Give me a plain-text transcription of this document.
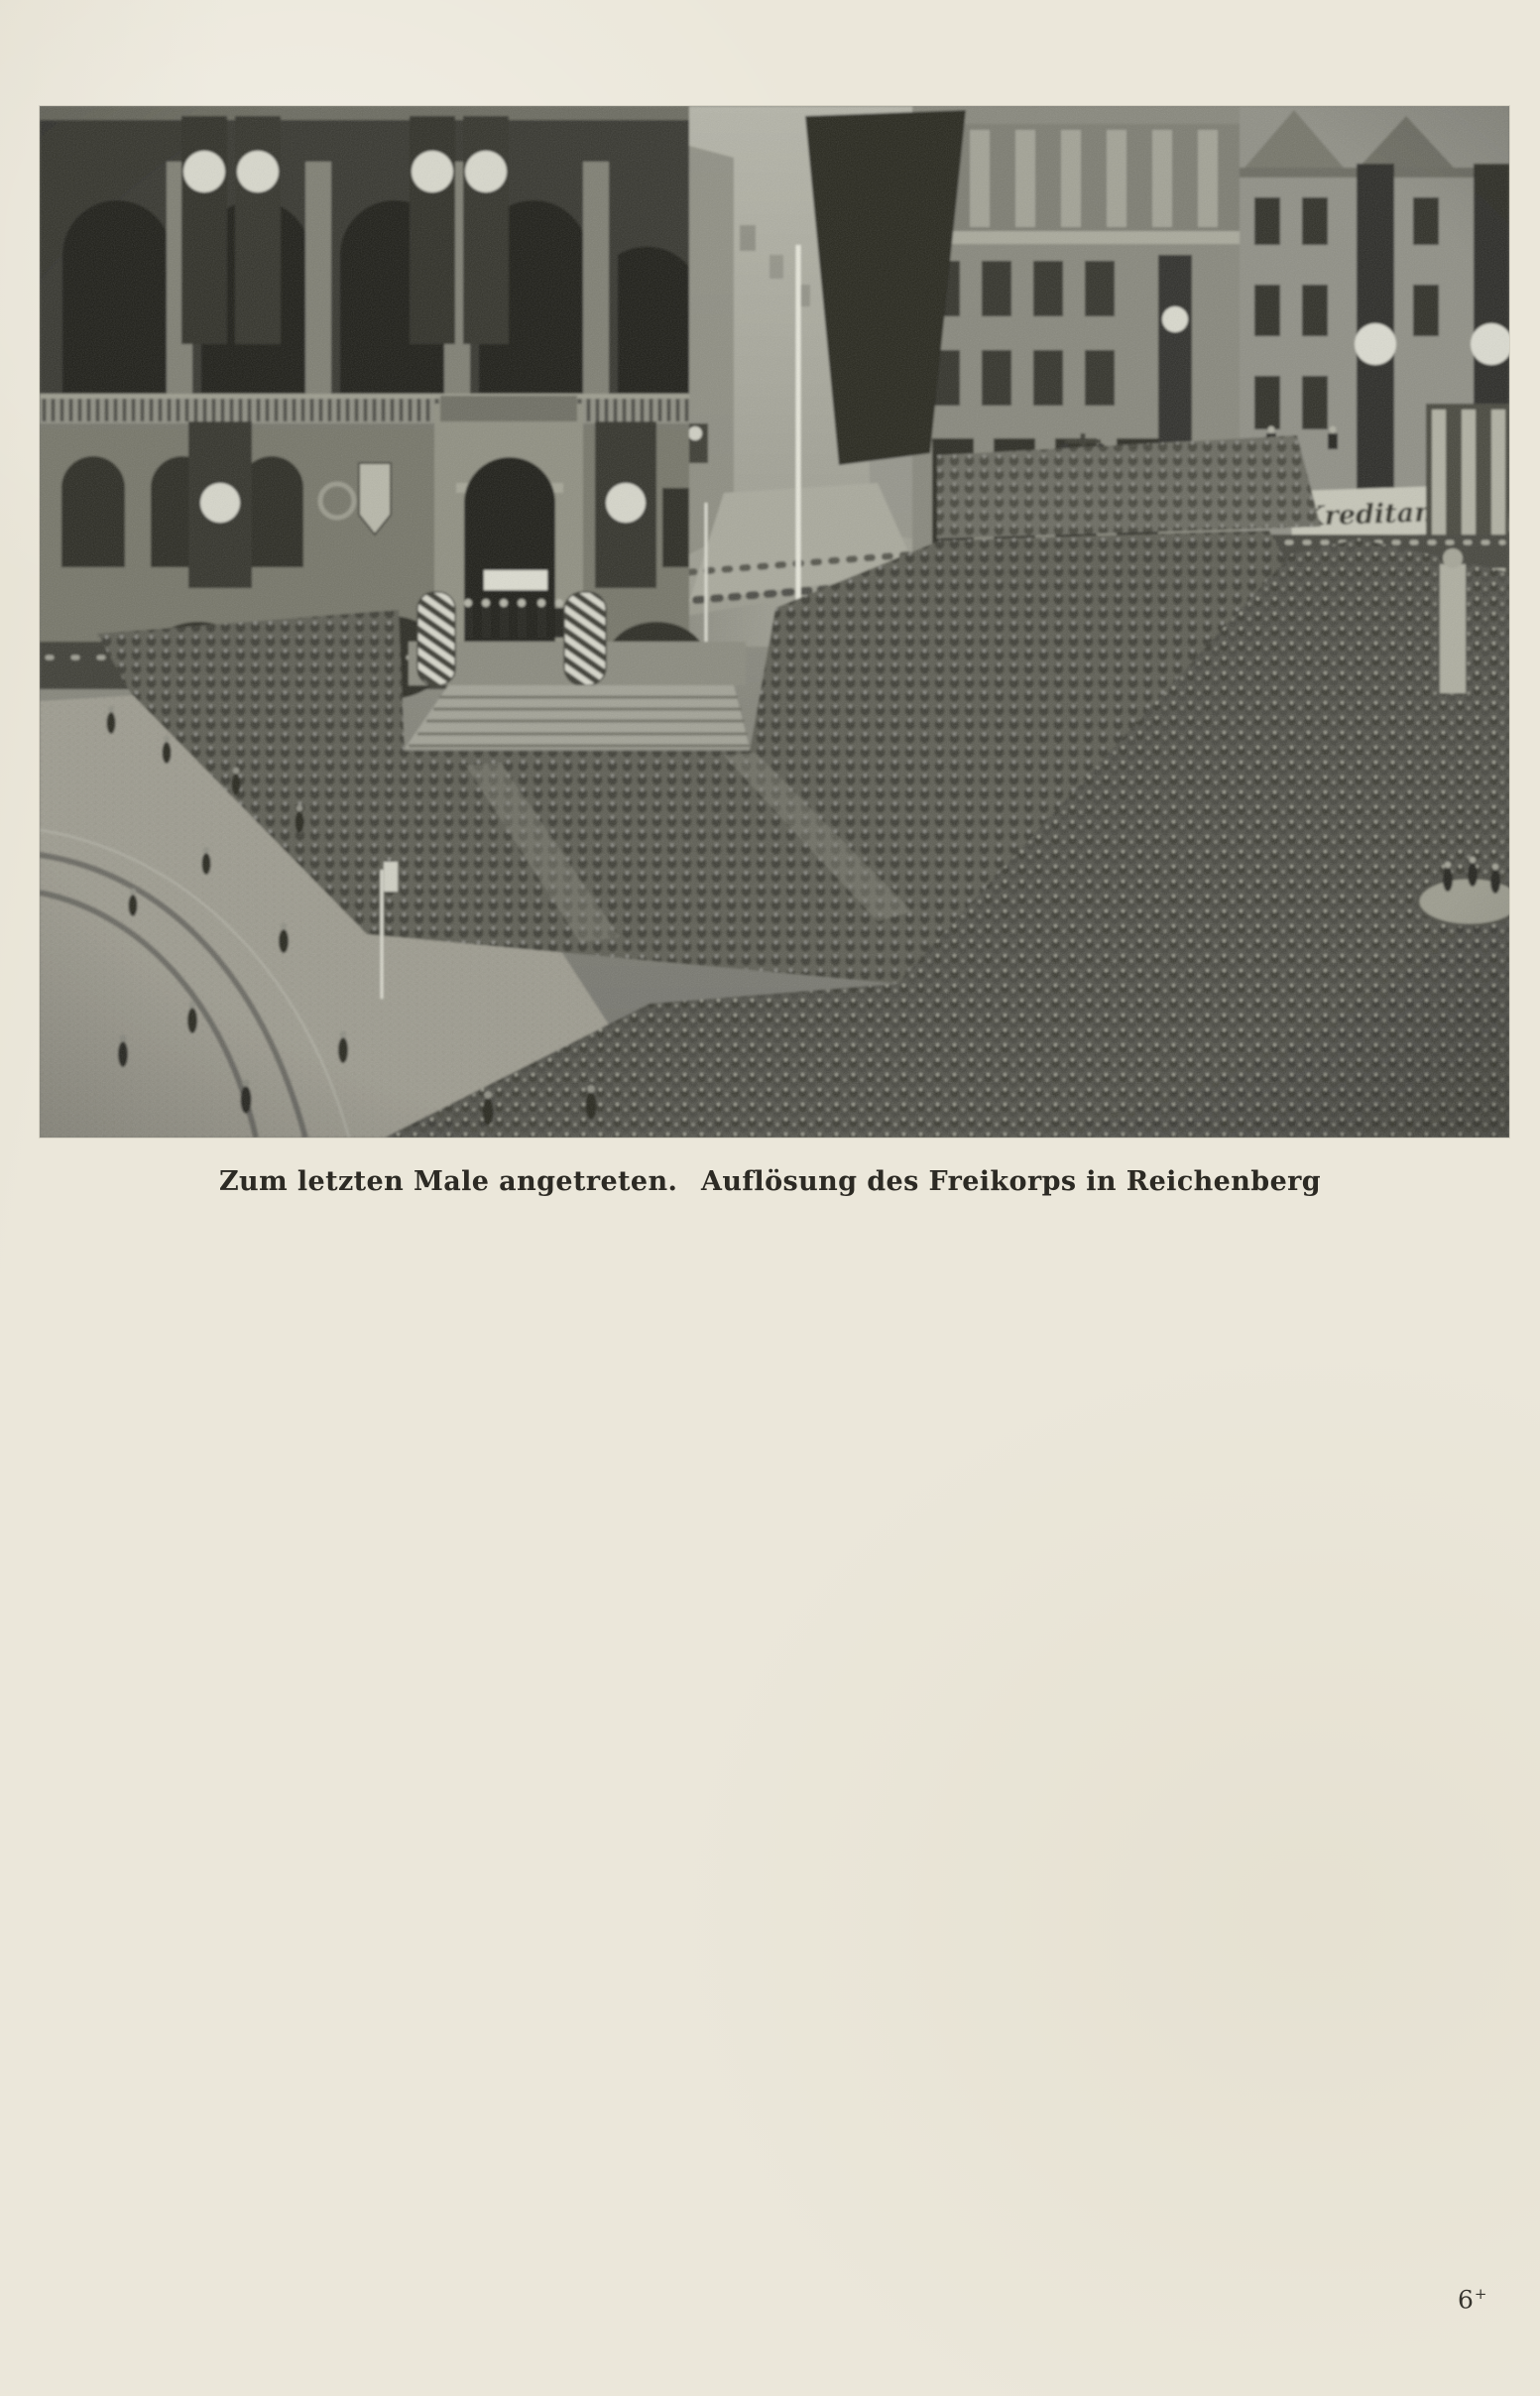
Zum letzten Male angetreten.  Auflösung des Freikorps in Reichenberg
6+
